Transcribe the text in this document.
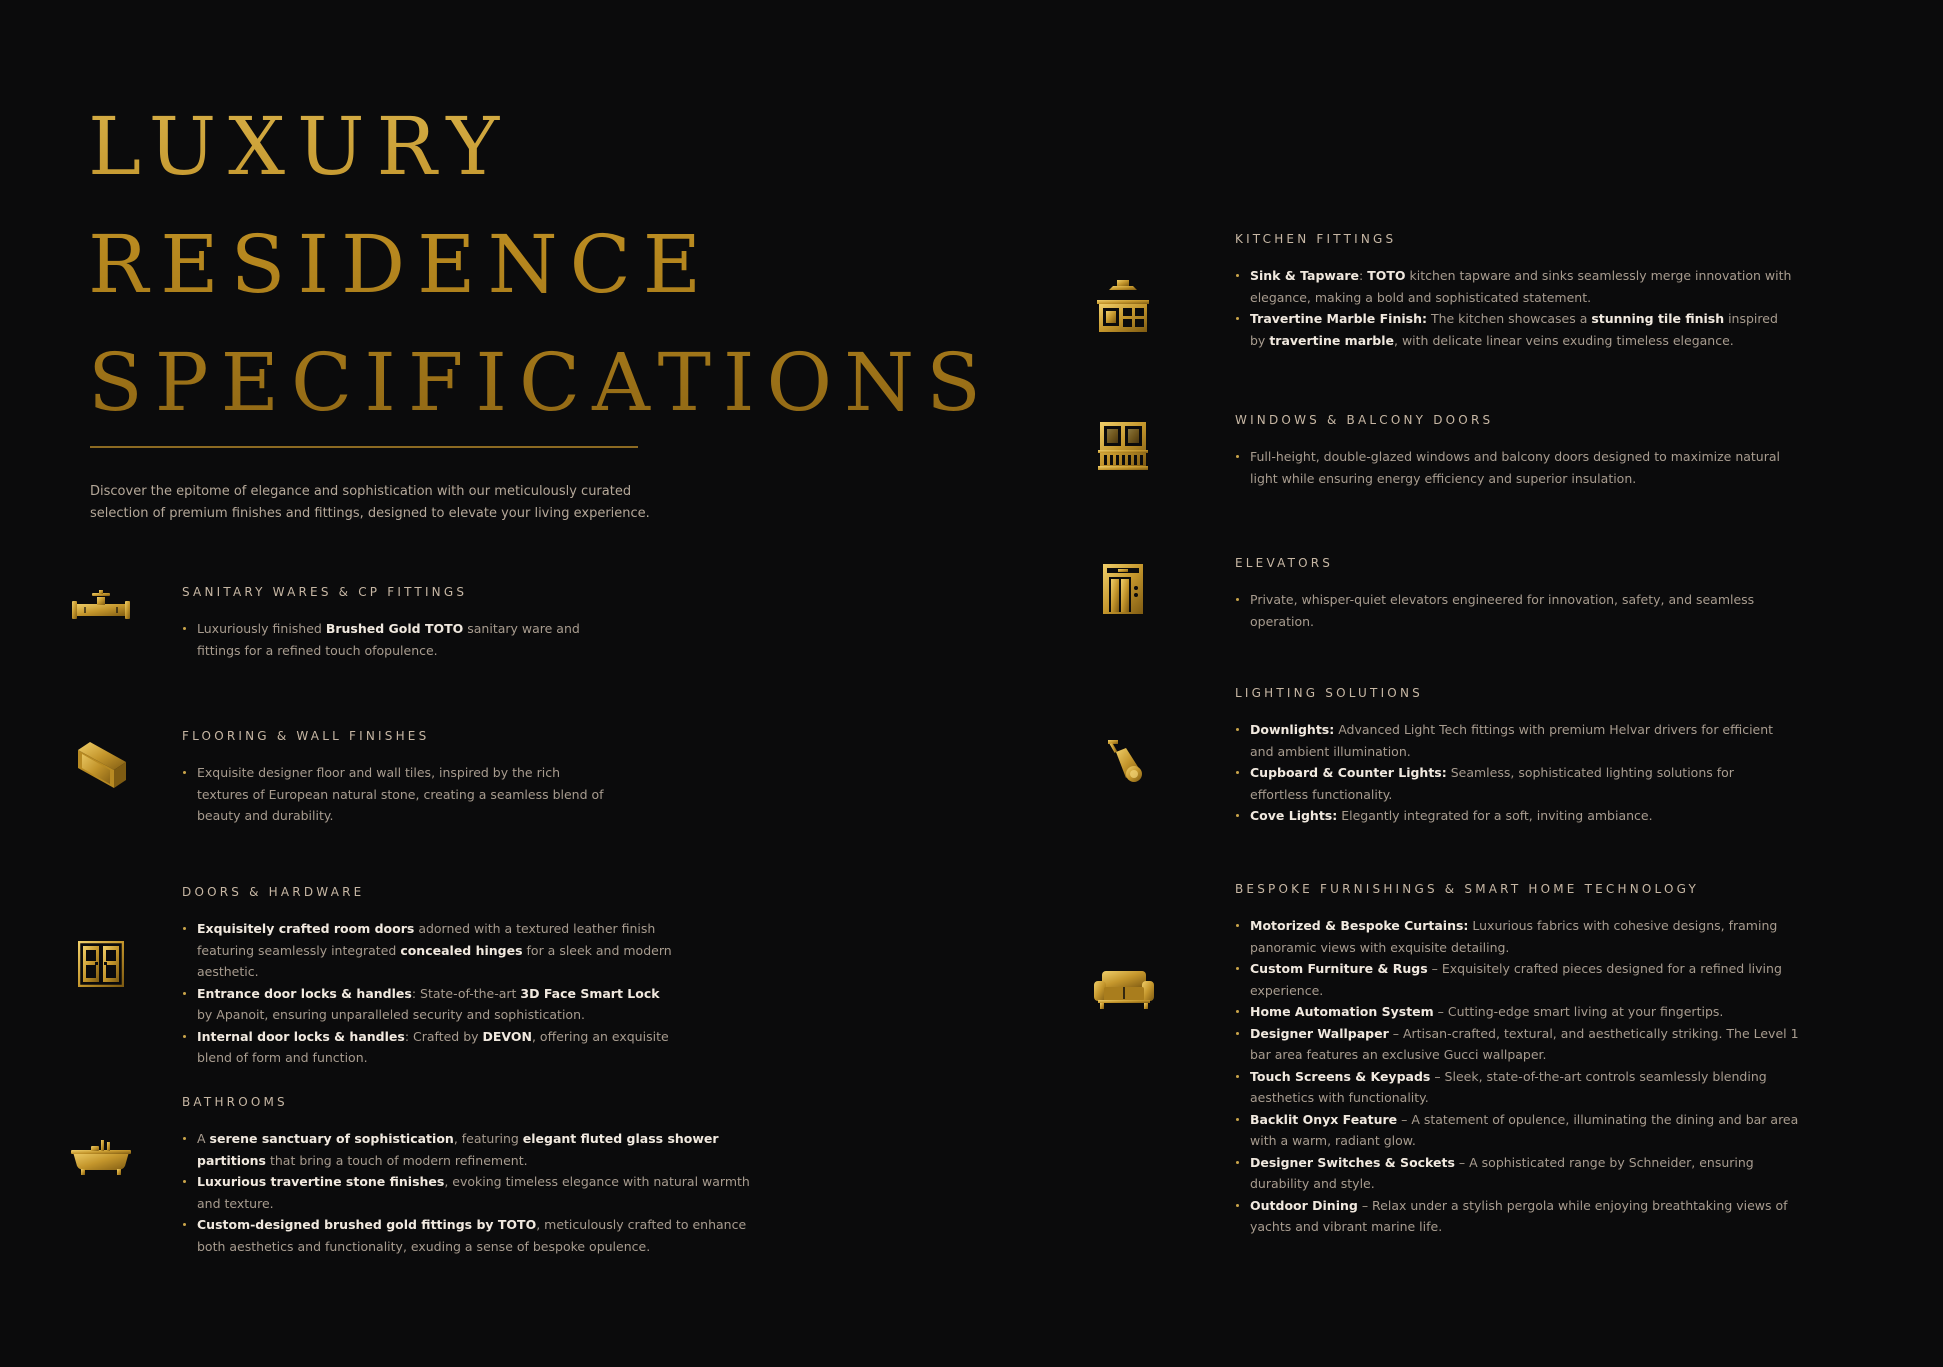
LUXURY
RESIDENCE
SPECIFICATIONS

Discover the epitome of elegance and sophistication with our meticulously curated selection of premium finishes and fittings, designed to elevate your living experience.

SANITARY WARES & CP FITTINGS
Luxuriously finished Brushed Gold TOTO sanitary ware and fittings for a refined touch ofopulence.
FLOORING & WALL FINISHES
Exquisite designer floor and wall tiles, inspired by the rich textures of European natural stone, creating a seamless blend of beauty and durability.
DOORS & HARDWARE
Exquisitely crafted room doors adorned with a textured leather finish featuring seamlessly integrated concealed hinges for a sleek and modern aesthetic.
Entrance door locks & handles: State-of-the-art 3D Face Smart Lock by Apanoit, ensuring unparalleled security and sophistication.
Internal door locks & handles: Crafted by DEVON, offering an exquisite blend of form and function.
BATHROOMS
A serene sanctuary of sophistication, featuring elegant fluted glass shower partitions that bring a touch of modern refinement.
Luxurious travertine stone finishes, evoking timeless elegance with natural warmth and texture.
Custom-designed brushed gold fittings by TOTO, meticulously crafted to enhance both aesthetics and functionality, exuding a sense of bespoke opulence.
KITCHEN FITTINGS
Sink & Tapware: TOTO kitchen tapware and sinks seamlessly merge innovation with elegance, making a bold and sophisticated statement.
Travertine Marble Finish: The kitchen showcases a stunning tile finish inspired by travertine marble, with delicate linear veins exuding timeless elegance.
WINDOWS & BALCONY DOORS
Full-height, double-glazed windows and balcony doors designed to maximize natural light while ensuring energy efficiency and superior insulation.
ELEVATORS
Private, whisper-quiet elevators engineered for innovation, safety, and seamless operation.
LIGHTING SOLUTIONS
Downlights: Advanced Light Tech fittings with premium Helvar drivers for efficient and ambient illumination.
Cupboard & Counter Lights: Seamless, sophisticated lighting solutions for effortless functionality.
Cove Lights: Elegantly integrated for a soft, inviting ambiance.
BESPOKE FURNISHINGS & SMART HOME TECHNOLOGY
Motorized & Bespoke Curtains: Luxurious fabrics with cohesive designs, framing panoramic views with exquisite detailing.
Custom Furniture & Rugs – Exquisitely crafted pieces designed for a refined living experience.
Home Automation System – Cutting-edge smart living at your fingertips.
Designer Wallpaper – Artisan-crafted, textural, and aesthetically striking. The Level 1 bar area features an exclusive Gucci wallpaper.
Touch Screens & Keypads – Sleek, state-of-the-art controls seamlessly blending aesthetics with functionality.
Backlit Onyx Feature – A statement of opulence, illuminating the dining and bar area with a warm, radiant glow.
Designer Switches & Sockets – A sophisticated range by Schneider, ensuring durability and style.
Outdoor Dining – Relax under a stylish pergola while enjoying breathtaking views of yachts and vibrant marine life.
